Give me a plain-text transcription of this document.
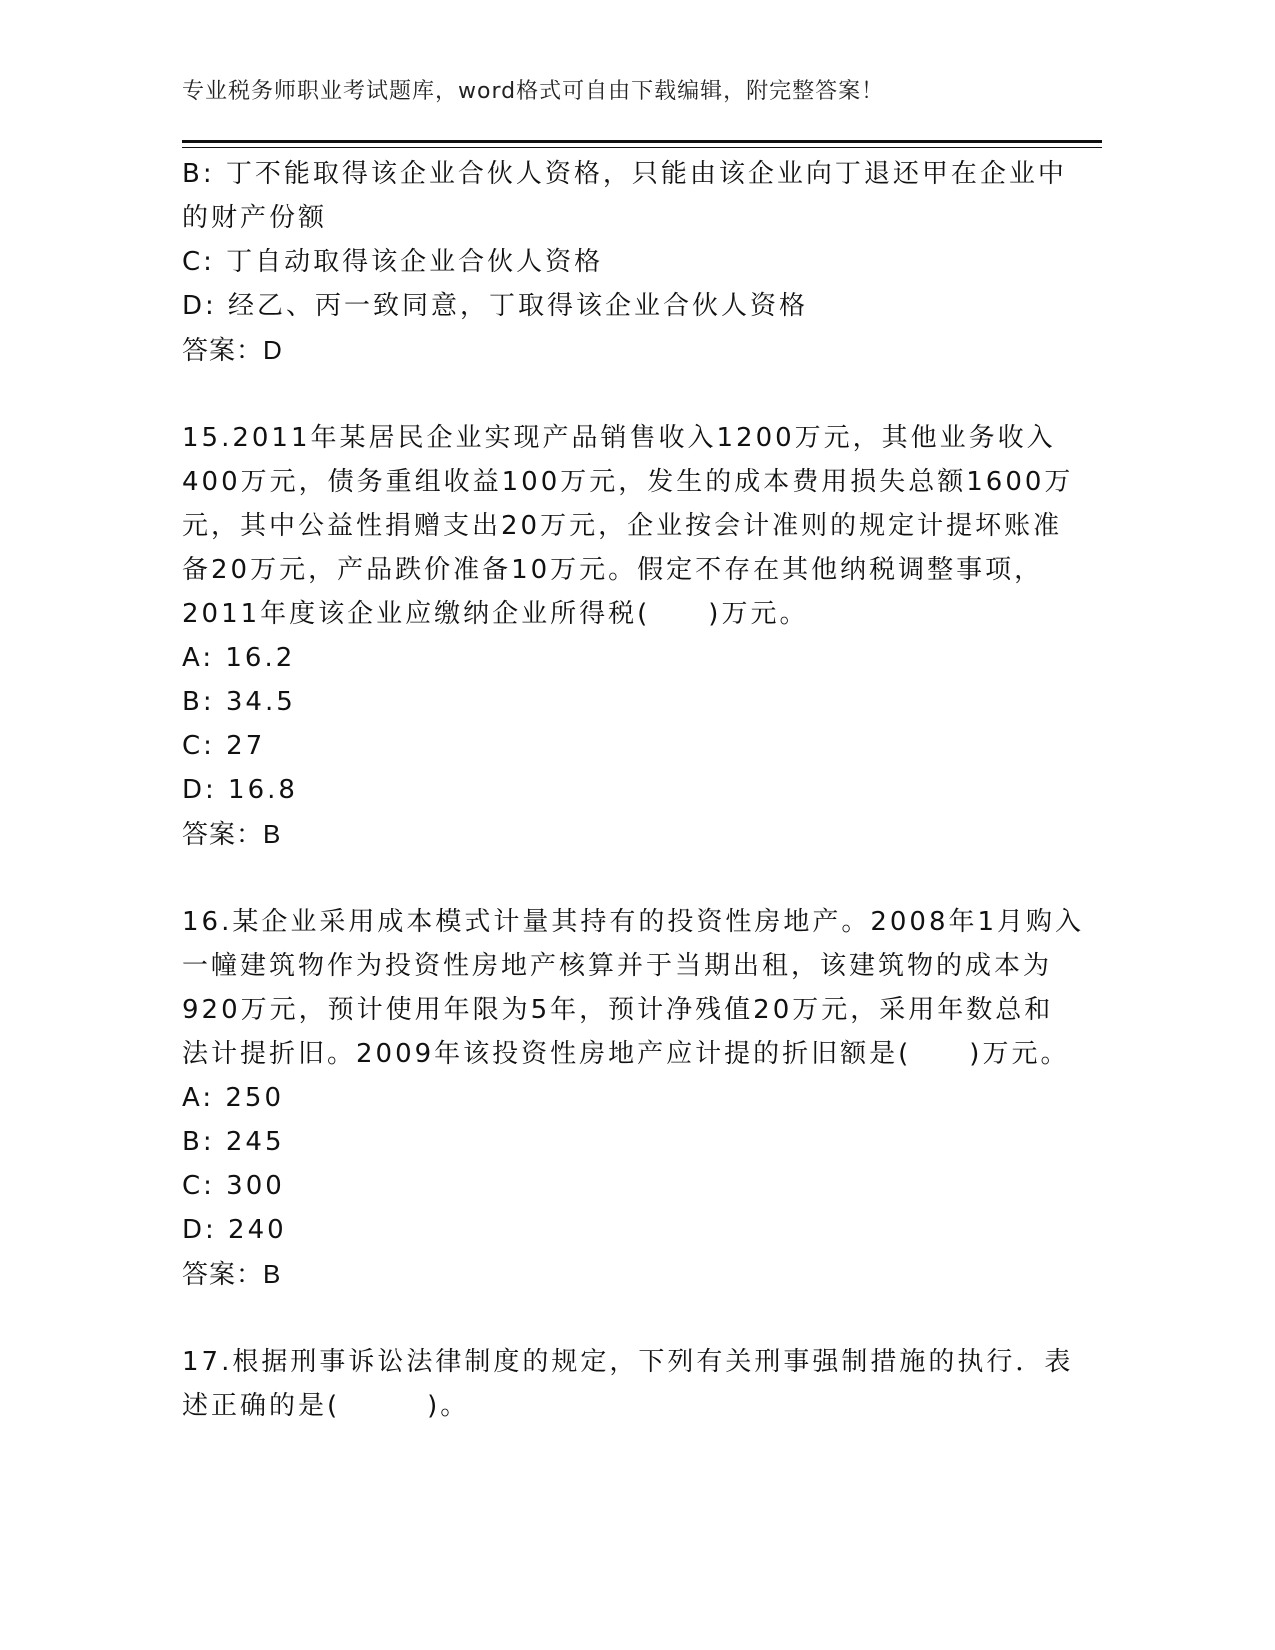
专业税务师职业考试题库，word格式可自由下载编辑，附完整答案！
B: 丁不能取得该企业合伙人资格，只能由该企业向丁退还甲在企业中
的财产份额
C: 丁自动取得该企业合伙人资格
D: 经乙、丙一致同意，丁取得该企业合伙人资格
答案：D
15.2011年某居民企业实现产品销售收入1200万元，其他业务收入
400万元，债务重组收益100万元，发生的成本费用损失总额1600万
元，其中公益性捐赠支出20万元，企业按会计准则的规定计提坏账准
备20万元，产品跌价准备10万元。假定不存在其他纳税调整事项，
2011年度该企业应缴纳企业所得税(　　)万元。
A: 16.2
B: 34.5
C: 27
D: 16.8
答案：B
16.某企业采用成本模式计量其持有的投资性房地产。2008年1月购入
一幢建筑物作为投资性房地产核算并于当期出租，该建筑物的成本为
920万元，预计使用年限为5年，预计净残值20万元，采用年数总和
法计提折旧。2009年该投资性房地产应计提的折旧额是(　　)万元。
A: 250
B: 245
C: 300
D: 240
答案：B
17.根据刑事诉讼法律制度的规定，下列有关刑事强制措施的执行．表
述正确的是(　　　)。
